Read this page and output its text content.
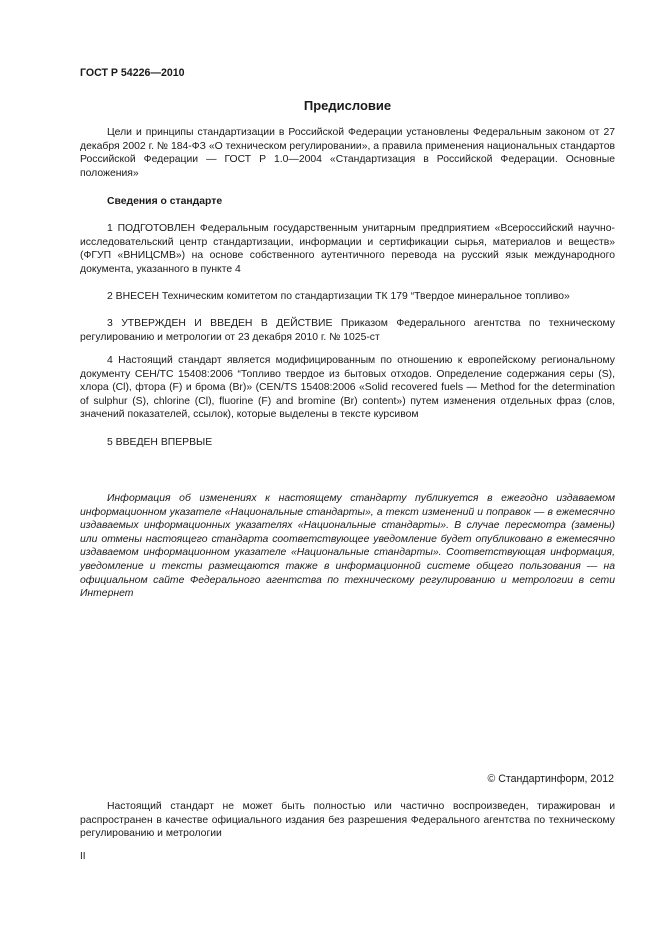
ГОСТ Р 54226—2010
Предисловие
Цели и принципы стандартизации в Российской Федерации установлены Федеральным законом от 27 декабря 2002 г. № 184-ФЗ «О техническом регулировании», а правила применения национальных стандартов Российской Федерации — ГОСТ Р 1.0—2004 «Стандартизация в Российской Федерации. Основные положения»
Сведения о стандарте
1 ПОДГОТОВЛЕН Федеральным государственным унитарным предприятием «Всероссийский научно-исследовательский центр стандартизации, информации и сертификации сырья, материалов и веществ» (ФГУП «ВНИЦСМВ») на основе собственного аутентичного перевода на русский язык международного документа, указанного в пункте 4
2 ВНЕСЕН Техническим комитетом по стандартизации ТК 179 “Твердое минеральное топливо»
3 УТВЕРЖДЕН И ВВЕДЕН В ДЕЙСТВИЕ Приказом Федерального агентства по техническому регулированию и метрологии от 23 декабря 2010 г. № 1025-ст
4 Настоящий стандарт является модифицированным по отношению к европейскому региональному документу СЕН/ТС 15408:2006 “Топливо твердое из бытовых отходов. Определение содержания серы (S), хлора (Cl), фтора (F) и брома (Br)» (CEN/TS 15408:2006 «Solid recovered fuels — Method for the determination of sulphur (S), chlorine (Cl), fluorine (F) and bromine (Br) content») путем изменения отдельных фраз (слов, значений показателей, ссылок), которые выделены в тексте курсивом
5 ВВЕДЕН ВПЕРВЫЕ
Информация об изменениях к настоящему стандарту публикуется в ежегодно издаваемом информационном указателе «Национальные стандарты», а текст изменений и поправок — в ежемесячно издаваемых информационных указателях «Национальные стандарты». В случае пересмотра (замены) или отмены настоящего стандарта соответствующее уведомление будет опубликовано в ежемесячно издаваемом информационном указателе «Национальные стандарты». Соответствующая информация, уведомление и тексты размещаются также в информационной системе общего пользования — на официальном сайте Федерального агентства по техническому регулированию и метрологии в сети Интернет
© Стандартинформ, 2012
Настоящий стандарт не может быть полностью или частично воспроизведен, тиражирован и распространен в качестве официального издания без разрешения Федерального агентства по техническому регулированию и метрологии
II
